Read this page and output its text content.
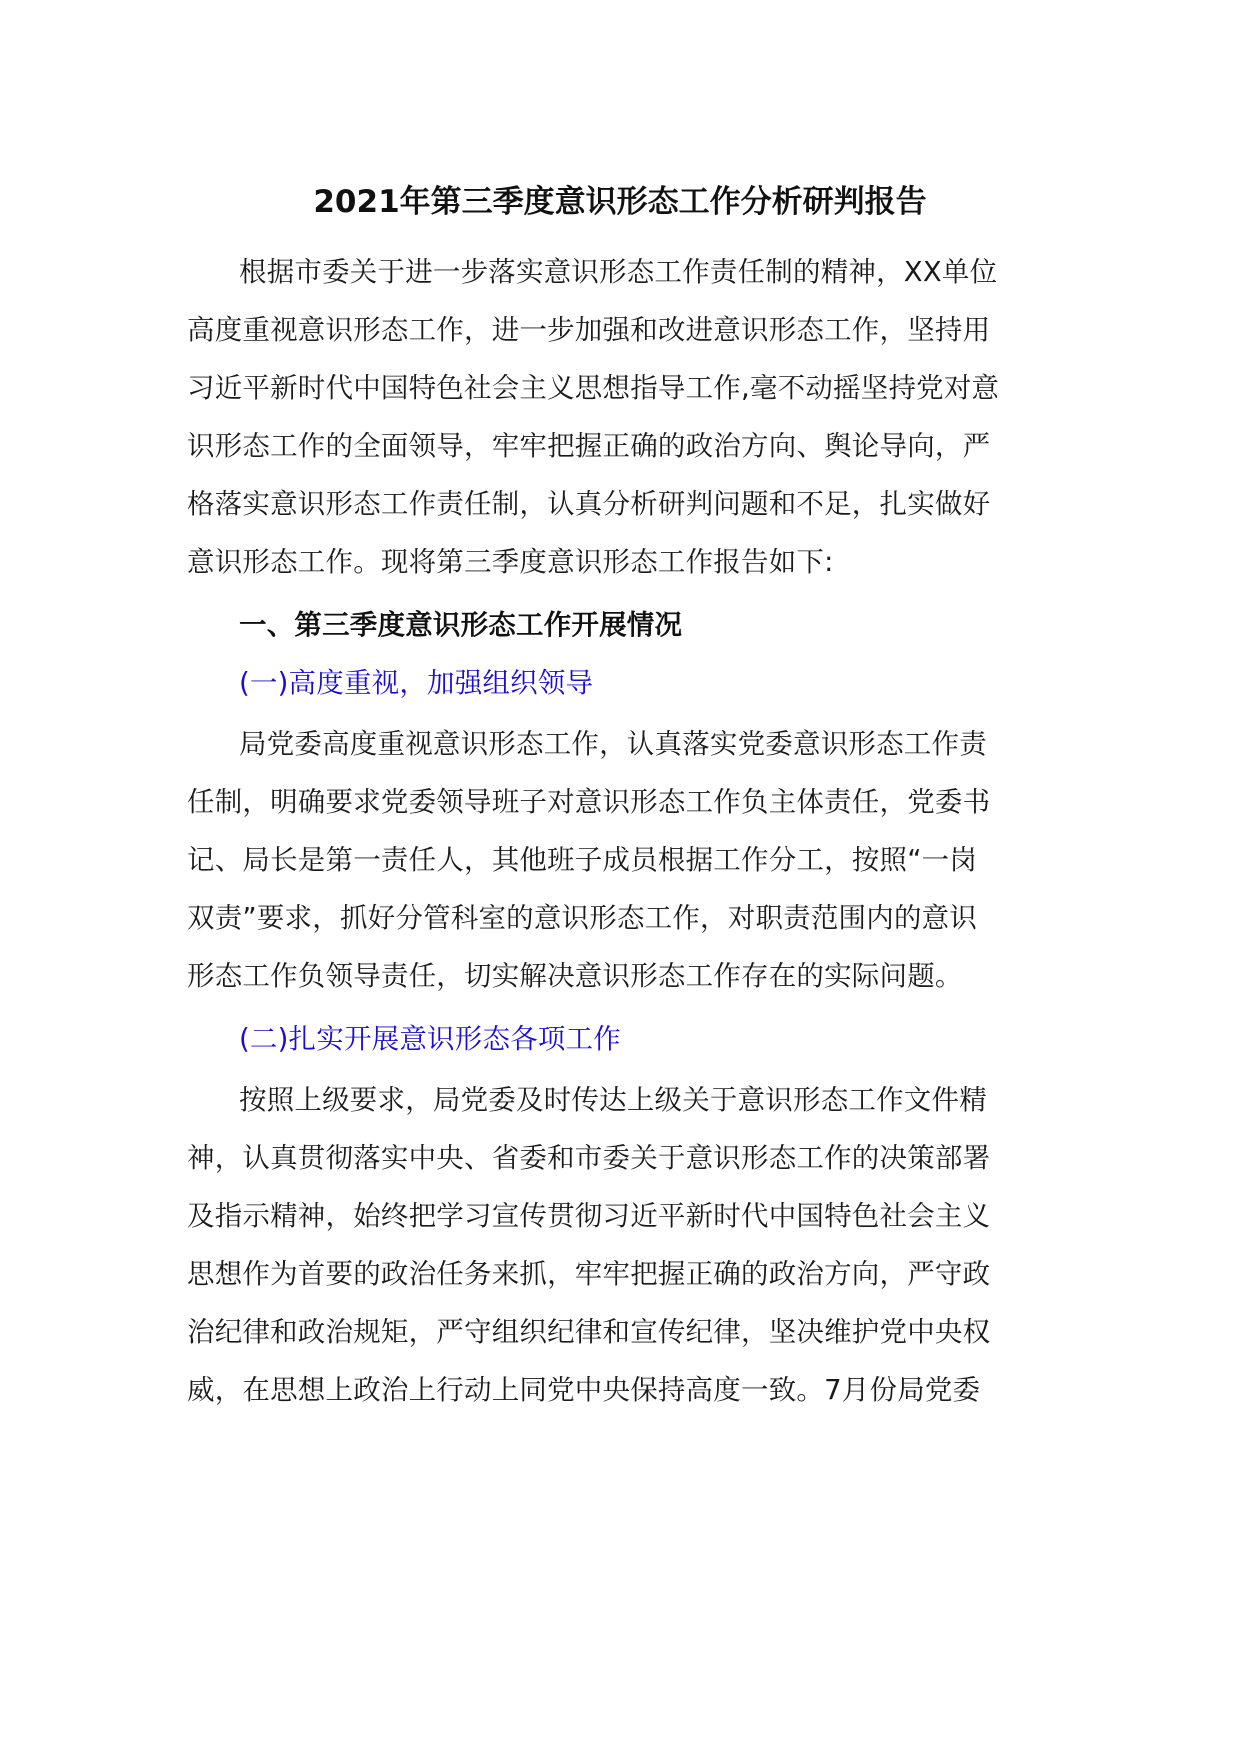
2021年第三季度意识形态工作分析研判报告

根据市委关于进一步落实意识形态工作责任制的精神，XX单位

高度重视意识形态工作，进一步加强和改进意识形态工作，坚持用

习近平新时代中国特色社会主义思想指导工作,毫不动摇坚持党对意

识形态工作的全面领导，牢牢把握正确的政治方向、舆论导向，严

格落实意识形态工作责任制，认真分析研判问题和不足，扎实做好

意识形态工作。现将第三季度意识形态工作报告如下:

一、第三季度意识形态工作开展情况

(一)高度重视，加强组织领导

局党委高度重视意识形态工作，认真落实党委意识形态工作责

任制，明确要求党委领导班子对意识形态工作负主体责任，党委书

记、局长是第一责任人，其他班子成员根据工作分工，按照“一岗

双责”要求，抓好分管科室的意识形态工作，对职责范围内的意识

形态工作负领导责任，切实解决意识形态工作存在的实际问题。

(二)扎实开展意识形态各项工作

按照上级要求，局党委及时传达上级关于意识形态工作文件精

神，认真贯彻落实中央、省委和市委关于意识形态工作的决策部署

及指示精神，始终把学习宣传贯彻习近平新时代中国特色社会主义

思想作为首要的政治任务来抓，牢牢把握正确的政治方向，严守政

治纪律和政治规矩，严守组织纪律和宣传纪律，坚决维护党中央权

威，在思想上政治上行动上同党中央保持高度一致。7月份局党委
